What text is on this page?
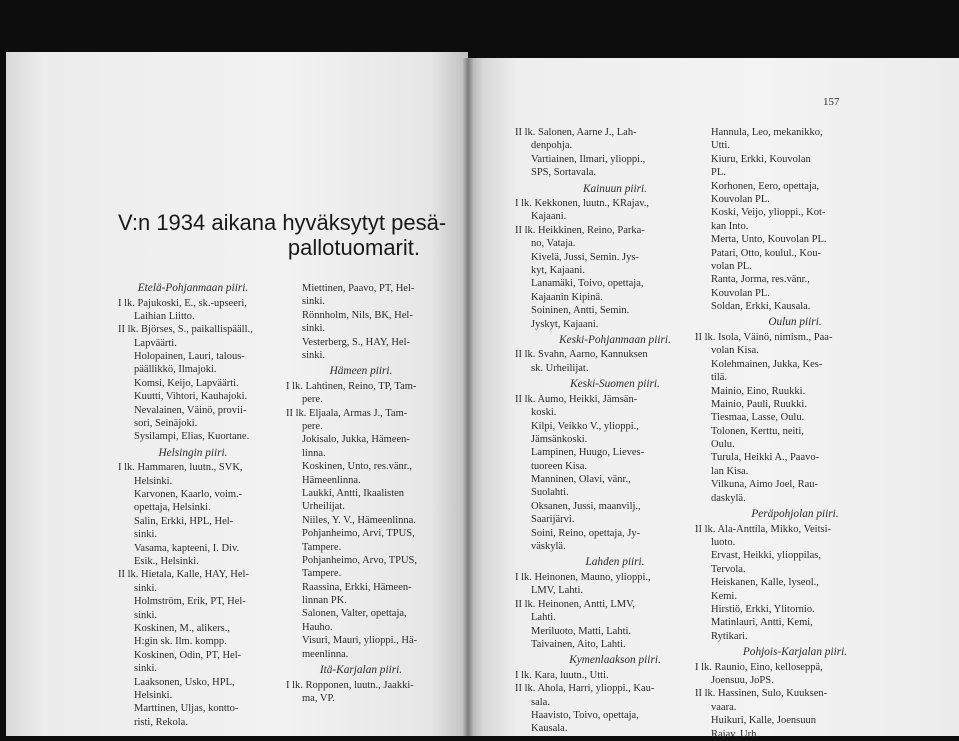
157
V:n 1934 aikana hyväksytyt pesä-
pallotuomarit.
Etelä-Pohjanmaan piiri.
I lk. Pajukoski, E., sk.-upseeri,
Laihian Liitto.
II lk. Björses, S., paikallispääll.,
Lapväärti.
Holopainen, Lauri, talous-
päällikkö, Ilmajoki.
Komsi, Keijo, Lapväärti.
Kuutti, Vihtori, Kauhajoki.
Nevalainen, Väinö, provii-
sori, Seinäjoki.
Sysilampi, Elias, Kuortane.
Helsingin piiri.
I lk. Hammaren, luutn., SVK,
Helsinki.
Karvonen, Kaarlo, voim.-
opettaja, Helsinki.
Salin, Erkki, HPL, Hel-
sinki.
Vasama, kapteeni, I. Div.
Esik., Helsinki.
II lk. Hietala, Kalle, HAY, Hel-
sinki.
Holmström, Erik, PT, Hel-
sinki.
Koskinen, M., alikers.,
H:gin sk. Ilm. kompp.
Koskinen, Odin, PT, Hel-
sinki.
Laaksonen, Usko, HPL,
Helsinki.
Marttinen, Uljas, kontto-
risti, Rekola.
Miettinen, Paavo, PT, Hel-
sinki.
Rönnholm, Nils, BK, Hel-
sinki.
Vesterberg, S., HAY, Hel-
sinki.
Hämeen piiri.
I lk. Lahtinen, Reino, TP, Tam-
pere.
II lk. Eljaala, Armas J., Tam-
pere.
Jokisalo, Jukka, Hämeen-
linna.
Koskinen, Unto, res.vänr.,
Hämeenlinna.
Laukki, Antti, Ikaalisten
Urheilijat.
Niiles, Y. V., Hämeenlinna.
Pohjanheimo, Arvi, TPUS,
Tampere.
Pohjanheimo, Arvo, TPUS,
Tampere.
Raassina, Erkki, Hämeen-
linnan PK.
Salonen, Valter, opettaja,
Hauho.
Visuri, Mauri, ylioppi., Hä-
meenlinna.
Itä-Karjalan piiri.
I lk. Ropponen, luutn., Jaakki-
ma, VP.
II lk. Salonen, Aarne J., Lah-
denpohja.
Vartiainen, Ilmari, ylioppi.,
SPS, Sortavala.
Kainuun piiri.
I lk. Kekkonen, luutn., KRajav.,
Kajaani.
II lk. Heikkinen, Reino, Parka-
no, Vataja.
Kivelä, Jussi, Semin. Jys-
kyt, Kajaani.
Lanamäki, Toivo, opettaja,
Kajaanin Kipinä.
Soininen, Antti, Semin.
Jyskyt, Kajaani.
Keski-Pohjanmaan piiri.
II lk. Svahn, Aarno, Kannuksen
sk. Urheilijat.
Keski-Suomen piiri.
II lk. Aumo, Heikki, Jämsän-
koski.
Kilpi, Veikko V., ylioppi.,
Jämsänkoski.
Lampinen, Huugo, Lieves-
tuoreen Kisa.
Manninen, Olavi, vänr.,
Suolahti.
Oksanen, Jussi, maanvilj.,
Saarijärvi.
Soini, Reino, opettaja, Jy-
väskylä.
Lahden piiri.
I lk. Heinonen, Mauno, ylioppi.,
LMV, Lahti.
II lk. Heinonen, Antti, LMV,
Lahti.
Meriluoto, Matti, Lahti.
Taivainen, Aito, Lahti.
Kymenlaakson piiri.
I lk. Kara, luutn., Utti.
II lk. Ahola, Harri, ylioppi., Kau-
sala.
Haavisto, Toivo, opettaja,
Kausala.
Hannula, Leo, mekanikko,
Utti.
Kiuru, Erkki, Kouvolan
PL.
Korhonen, Eero, opettaja,
Kouvolan PL.
Koski, Veijo, ylioppi., Kot-
kan Into.
Merta, Unto, Kouvolan PL.
Patari, Otto, koulul., Kou-
volan PL.
Ranta, Jorma, res.vänr.,
Kouvolan PL.
Soldan, Erkki, Kausala.
Oulun piiri.
II lk. Isola, Väinö, nimism., Paa-
volan Kisa.
Kolehmainen, Jukka, Kes-
tilä.
Mainio, Eino, Ruukki.
Mainio, Pauli, Ruukki.
Tiesmaa, Lasse, Oulu.
Tolonen, Kerttu, neiti,
Oulu.
Turula, Heikki A., Paavo-
lan Kisa.
Vilkuna, Aimo Joel, Rau-
daskylä.
Peräpohjolan piiri.
II lk. Ala-Anttila, Mikko, Veitsi-
luoto.
Ervast, Heikki, ylioppilas,
Tervola.
Heiskanen, Kalle, lyseol.,
Kemi.
Hirstiö, Erkki, Ylitornio.
Matinlauri, Antti, Kemi,
Rytikari.
Pohjois-Karjalan piiri.
I lk. Raunio, Eino, kelloseppä,
Joensuu, JoPS.
II lk. Hassinen, Sulo, Kuuksen-
vaara.
Huikuri, Kalle, Joensuun
Rajav. Urh.
